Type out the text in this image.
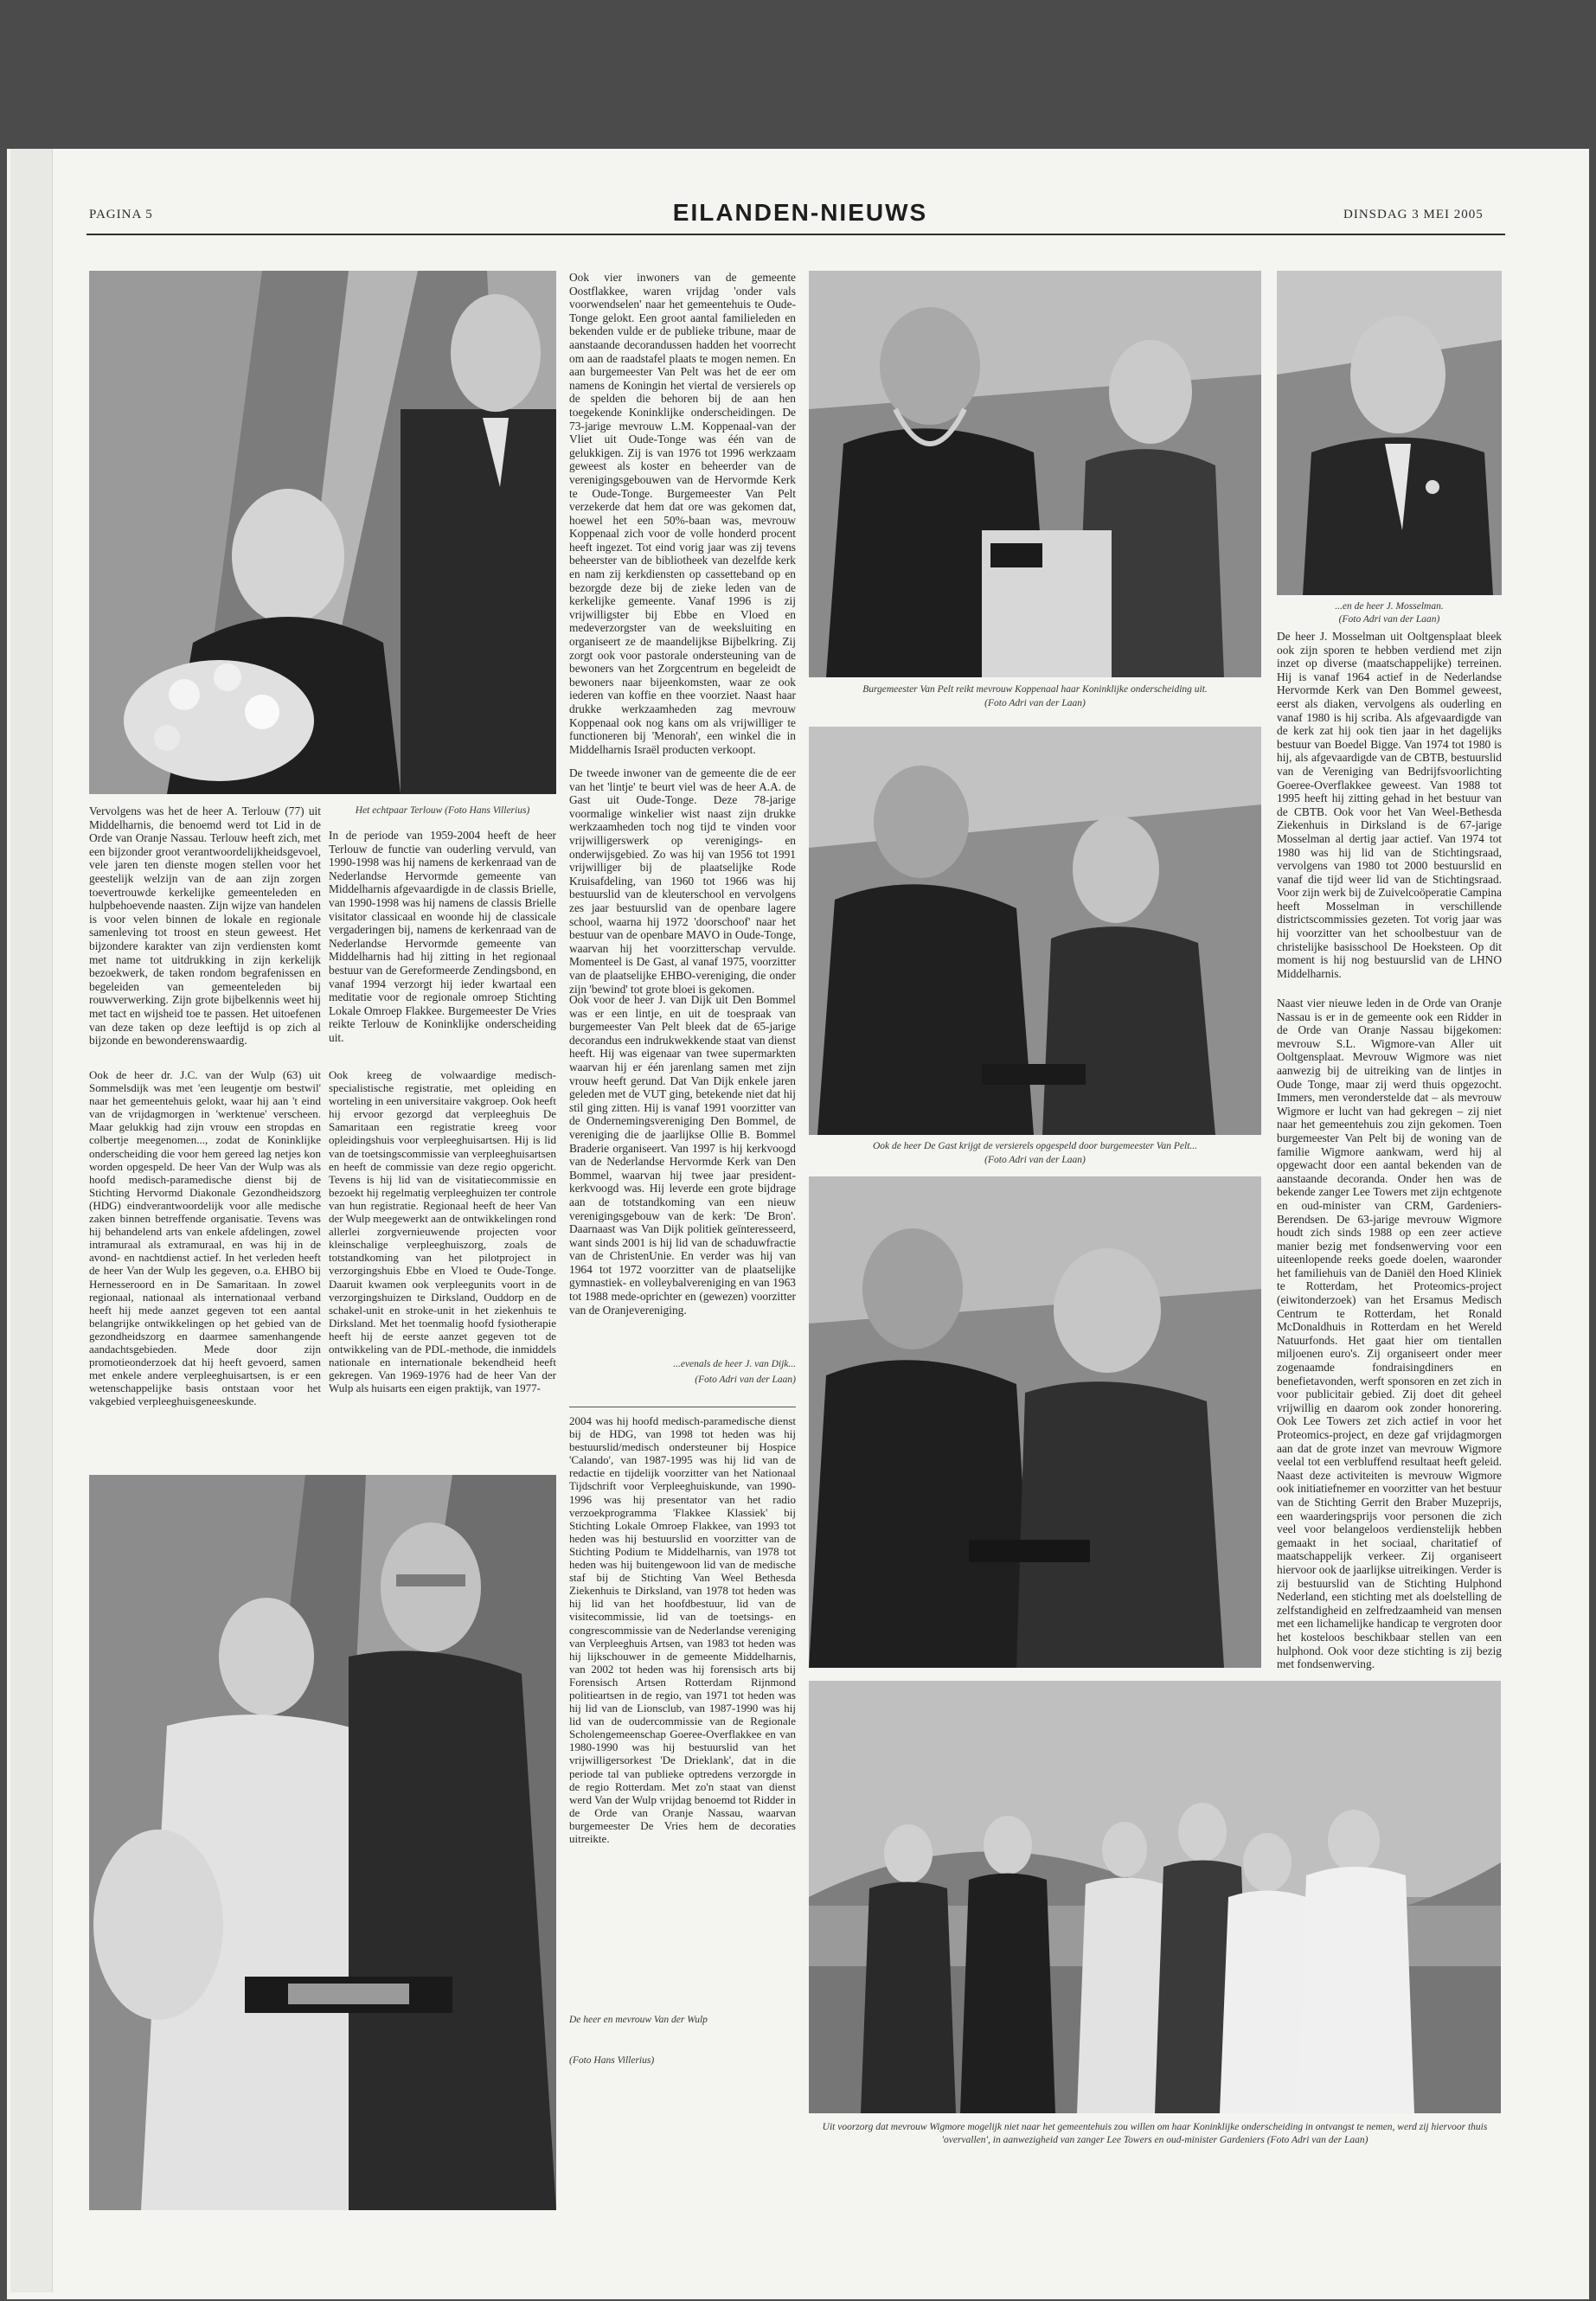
PAGINA 5	EILANDEN-NIEUWS	DINSDAG 3 MEI 2005
Vervolgens was het de heer A. Terlouw (77) uit Middelharnis, die benoemd werd tot Lid in de Orde van Oranje Nassau. Terlouw heeft zich, met een bijzonder groot verantwoordelijkheidsgevoel, vele jaren ten dienste mogen stellen voor het geestelijk welzijn van de aan zijn zorgen toevertrouwde kerkelijke gemeenteleden en hulpbehoevende naasten. Zijn wijze van handelen is voor velen binnen de lokale en regionale samenleving tot troost en steun geweest. Het bijzondere karakter van zijn verdiensten komt met name tot uitdrukking in zijn kerkelijk bezoekwerk, de taken rondom begrafenissen en begeleiden van gemeenteleden bij rouwverwerking. Zijn grote bijbelkennis weet hij met tact en wijsheid toe te passen. Het uitoefenen van deze taken op deze leeftijd is op zich al bijzonde en bewonderenswaardig.
Het echtpaar Terlouw (Foto Hans Villerius)
In de periode van 1959-2004 heeft de heer Terlouw de functie van ouderling vervuld, van 1990-1998 was hij namens de kerkenraad van de Nederlandse Hervormde gemeente van Middelharnis afgevaardigde in de classis Brielle, van 1990-1998 was hij namens de classis Brielle visitator classicaal en woonde hij de classicale vergaderingen bij, namens de kerkenraad van de Nederlandse Hervormde gemeente van Middelharnis had hij zitting in het regionaal bestuur van de Gereformeerde Zendingsbond, en vanaf 1994 verzorgt hij ieder kwartaal een meditatie voor de regionale omroep Stichting Lokale Omroep Flakkee. Burgemeester De Vries reikte Terlouw de Koninklijke onderscheiding uit.
Ook de heer dr. J.C. van der Wulp (63) uit Sommelsdijk was met 'een leugentje om bestwil' naar het gemeentehuis gelokt, waar hij aan 't eind van de vrijdagmorgen in 'werktenue' verscheen. Maar gelukkig had zijn vrouw een stropdas en colbertje meegenomen..., zodat de Koninklijke onderscheiding die voor hem gereed lag netjes kon worden opgespeld. De heer Van der Wulp was als hoofd medisch-paramedische dienst bij de Stichting Hervormd Diakonale Gezondheidszorg (HDG) eindverantwoordelijk voor alle medische zaken binnen betreffende organisatie. Tevens was hij behandelend arts van enkele afdelingen, zowel intramuraal als extramuraal, en was hij in de avond- en nachtdienst actief. In het verleden heeft de heer Van der Wulp les gegeven, o.a. EHBO bij Hernesseroord en in De Samaritaan. In zowel regionaal, nationaal als internationaal verband heeft hij mede aanzet gegeven tot een aantal belangrijke ontwikkelingen op het gebied van de gezondheidszorg en daarmee samenhangende aandachtsgebieden. Mede door zijn promotieonderzoek dat hij heeft gevoerd, samen met enkele andere verpleeghuisartsen, is er een wetenschappelijke basis ontstaan voor het vakgebied verpleeghuisgeneeskunde.
Ook kreeg de volwaardige medisch-specialistische registratie, met opleiding en worteling in een universitaire vakgroep. Ook heeft hij ervoor gezorgd dat verpleeghuis De Samaritaan een registratie kreeg voor opleidingshuis voor verpleeghuisartsen. Hij is lid van de toetsingscommissie van verpleeghuisartsen en heeft de commissie van deze regio opgericht. Tevens is hij lid van de visitatiecommissie en bezoekt hij regelmatig verpleeghuizen ter controle van hun registratie. Regionaal heeft de heer Van der Wulp meegewerkt aan de ontwikkelingen rond allerlei zorgvernieuwende projecten voor kleinschalige verpleeghuiszorg, zoals de totstandkoming van het pilotproject in verzorgingshuis Ebbe en Vloed te Oude-Tonge. Daaruit kwamen ook verpleegunits voort in de verzorgingshuizen te Dirksland, Ouddorp en de schakel-unit en stroke-unit in het ziekenhuis te Dirksland. Met het toenmalig hoofd fysiotherapie heeft hij de eerste aanzet gegeven tot de ontwikkeling van de PDL-methode, die inmiddels nationale en internationale bekendheid heeft gekregen. Van 1969-1976 had de heer Van der Wulp als huisarts een eigen praktijk, van 1977-
Ook vier inwoners van de gemeente Oostflakkee, waren vrijdag 'onder vals voorwendselen' naar het gemeentehuis te Oude-Tonge gelokt. Een groot aantal familieleden en bekenden vulde er de publieke tribune, maar de aanstaande decorandussen hadden het voorrecht om aan de raadstafel plaats te mogen nemen. En aan burgemeester Van Pelt was het de eer om namens de Koningin het viertal de versierels op de spelden die behoren bij de aan hen toegekende Koninklijke onderscheidingen. De 73-jarige mevrouw L.M. Koppenaal-van der Vliet uit Oude-Tonge was één van de gelukkigen. Zij is van 1976 tot 1996 werkzaam geweest als koster en beheerder van de verenigingsgebouwen van de Hervormde Kerk te Oude-Tonge. Burgemeester Van Pelt verzekerde dat hem dat ore was gekomen dat, hoewel het een 50%-baan was, mevrouw Koppenaal zich voor de volle honderd procent heeft ingezet. Tot eind vorig jaar was zij tevens beheerster van de bibliotheek van dezelfde kerk en nam zij kerkdiensten op cassetteband op en bezorgde deze bij de zieke leden van de kerkelijke gemeente. Vanaf 1996 is zij vrijwilligster bij Ebbe en Vloed en medeverzorgster van de weeksluiting en organiseert ze de maandelijkse Bijbelkring. Zij zorgt ook voor pastorale ondersteuning van de bewoners van het Zorgcentrum en begeleidt de bewoners naar bijeenkomsten, waar ze ook iederen van koffie en thee voorziet. Naast haar drukke werkzaamheden zag mevrouw Koppenaal ook nog kans om als vrijwilliger te functioneren bij 'Menorah', een winkel die in Middelharnis Israël producten verkoopt.
De tweede inwoner van de gemeente die de eer van het 'lintje' te beurt viel was de heer A.A. de Gast uit Oude-Tonge. Deze 78-jarige voormalige winkelier wist naast zijn drukke werkzaamheden toch nog tijd te vinden voor vrijwilligerswerk op verenigings- en onderwijsgebied. Zo was hij van 1956 tot 1991 vrijwilliger bij de plaatselijke Rode Kruisafdeling, van 1960 tot 1966 was hij bestuurslid van de kleuterschool en vervolgens zes jaar bestuurslid van de openbare lagere school, waarna hij 1972 'doorschoof' naar het bestuur van de openbare MAVO in Oude-Tonge, waarvan hij het voorzitterschap vervulde. Momenteel is De Gast, al vanaf 1975, voorzitter van de plaatselijke EHBO-vereniging, die onder zijn 'bewind' tot grote bloei is gekomen.
Ook voor de heer J. van Dijk uit Den Bommel was er een lintje, en uit de toespraak van burgemeester Van Pelt bleek dat de 65-jarige decorandus een indrukwekkende staat van dienst heeft. Hij was eigenaar van twee supermarkten waarvan hij er één jarenlang samen met zijn vrouw heeft gerund. Dat Van Dijk enkele jaren geleden met de VUT ging, betekende niet dat hij stil ging zitten. Hij is vanaf 1991 voorzitter van de Ondernemingsvereniging Den Bommel, de vereniging die de jaarlijkse Ollie B. Bommel Braderie organiseert. Van 1997 is hij kerkvoogd van de Nederlandse Hervormde Kerk van Den Bommel, waarvan hij twee jaar president-kerkvoogd was. Hij leverde een grote bijdrage aan de totstandkoming van een nieuw verenigingsgebouw van de kerk: 'De Bron'. Daarnaast was Van Dijk politiek geïnteresseerd, want sinds 2001 is hij lid van de schaduwfractie van de ChristenUnie. En verder was hij van 1964 tot 1972 voorzitter van de plaatselijke gymnastiek- en volleybalvereniging en van 1963 tot 1988 mede-oprichter en (gewezen) voorzitter van de Oranjevereniging.
...evenals de heer J. van Dijk...
(Foto Adri van der Laan)
2004 was hij hoofd medisch-paramedische dienst bij de HDG, van 1998 tot heden was hij bestuurslid/medisch ondersteuner bij Hospice 'Calando', van 1987-1995 was hij lid van de redactie en tijdelijk voorzitter van het Nationaal Tijdschrift voor Verpleeghuiskunde, van 1990-1996 was hij presentator van het radio verzoekprogramma 'Flakkee Klassiek' bij Stichting Lokale Omroep Flakkee, van 1993 tot heden was hij bestuurslid en voorzitter van de Stichting Podium te Middelharnis, van 1978 tot heden was hij buitengewoon lid van de medische staf bij de Stichting Van Weel Bethesda Ziekenhuis te Dirksland, van 1978 tot heden was hij lid van het hoofdbestuur, lid van de visitecommissie, lid van de toetsings- en congrescommissie van de Nederlandse vereniging van Verpleeghuis Artsen, van 1983 tot heden was hij lijkschouwer in de gemeente Middelharnis, van 2002 tot heden was hij forensisch arts bij Forensisch Artsen Rotterdam Rijnmond politieartsen in de regio, van 1971 tot heden was hij lid van de Lionsclub, van 1987-1990 was hij lid van de oudercommissie van de Regionale Scholengemeenschap Goeree-Overflakkee en van 1980-1990 was hij bestuurslid van het vrijwilligersorkest 'De Drieklank', dat in die periode tal van publieke optredens verzorgde in de regio Rotterdam. Met zo'n staat van dienst werd Van der Wulp vrijdag benoemd tot Ridder in de Orde van Oranje Nassau, waarvan burgemeester De Vries hem de decoraties uitreikte.
De heer en mevrouw Van der Wulp
(Foto Hans Villerius)
Burgemeester Van Pelt reikt mevrouw Koppenaal haar Koninklijke onderscheiding uit.
(Foto Adri van der Laan)
Ook de heer De Gast krijgt de versierels opgespeld door burgemeester Van Pelt...
(Foto Adri van der Laan)
Uit voorzorg dat mevrouw Wigmore mogelijk niet naar het gemeentehuis zou willen om haar Koninklijke onderscheiding in ontvangst te nemen, werd zij hiervoor thuis 'overvallen', in aanwezigheid van zanger Lee Towers en oud-minister Gardeniers (Foto Adri van der Laan)
...en de heer J. Mosselman.
(Foto Adri van der Laan)
De heer J. Mosselman uit Ooltgensplaat bleek ook zijn sporen te hebben verdiend met zijn inzet op diverse (maatschappelijke) terreinen. Hij is vanaf 1964 actief in de Nederlandse Hervormde Kerk van Den Bommel geweest, eerst als diaken, vervolgens als ouderling en vanaf 1980 is hij scriba. Als afgevaardigde van de kerk zat hij ook tien jaar in het dagelijks bestuur van Boedel Bigge. Van 1974 tot 1980 is hij, als afgevaardigde van de CBTB, bestuurslid van de Vereniging van Bedrijfsvoorlichting Goeree-Overflakkee geweest. Van 1988 tot 1995 heeft hij zitting gehad in het bestuur van de CBTB. Ook voor het Van Weel-Bethesda Ziekenhuis in Dirksland is de 67-jarige Mosselman al dertig jaar actief. Van 1974 tot 1980 was hij lid van de Stichtingsraad, vervolgens van 1980 tot 2000 bestuurslid en vanaf die tijd weer lid van de Stichtingsraad. Voor zijn werk bij de Zuivelcoöperatie Campina heeft Mosselman in verschillende districtscommissies gezeten. Tot vorig jaar was hij voorzitter van het schoolbestuur van de christelijke basisschool De Hoeksteen. Op dit moment is hij nog bestuurslid van de LHNO Middelharnis.
Naast vier nieuwe leden in de Orde van Oranje Nassau is er in de gemeente ook een Ridder in de Orde van Oranje Nassau bijgekomen: mevrouw S.L. Wigmore-van Aller uit Ooltgensplaat. Mevrouw Wigmore was niet aanwezig bij de uitreiking van de lintjes in Oude Tonge, maar zij werd thuis opgezocht. Immers, men veronderstelde dat – als mevrouw Wigmore er lucht van had gekregen – zij niet naar het gemeentehuis zou zijn gekomen. Toen burgemeester Van Pelt bij de woning van de familie Wigmore aankwam, werd hij al opgewacht door een aantal bekenden van de aanstaande decoranda. Onder hen was de bekende zanger Lee Towers met zijn echtgenote en oud-minister van CRM, Gardeniers-Berendsen. De 63-jarige mevrouw Wigmore houdt zich sinds 1988 op een zeer actieve manier bezig met fondsenwerving voor een uiteenlopende reeks goede doelen, waaronder het familiehuis van de Daniël den Hoed Kliniek te Rotterdam, het Proteomics-project (eiwitonderzoek) van het Ersamus Medisch Centrum te Rotterdam, het Ronald McDonaldhuis in Rotterdam en het Wereld Natuurfonds. Het gaat hier om tientallen miljoenen euro's. Zij organiseert onder meer zogenaamde fondraisingdiners en benefietavonden, werft sponsoren en zet zich in voor publicitair gebied. Zij doet dit geheel vrijwillig en daarom ook zonder honorering. Ook Lee Towers zet zich actief in voor het Proteomics-project, en deze gaf vrijdagmorgen aan dat de grote inzet van mevrouw Wigmore veelal tot een verbluffend resultaat heeft geleid. Naast deze activiteiten is mevrouw Wigmore ook initiatiefnemer en voorzitter van het bestuur van de Stichting Gerrit den Braber Muzeprijs, een waarderingsprijs voor personen die zich veel voor belangeloos verdienstelijk hebben gemaakt in het sociaal, charitatief of maatschappelijk verkeer. Zij organiseert hiervoor ook de jaarlijkse uitreikingen. Verder is zij bestuurslid van de Stichting Hulphond Nederland, een stichting met als doelstelling de zelfstandigheid en zelfredzaamheid van mensen met een lichamelijke handicap te vergroten door het kosteloos beschikbaar stellen van een hulphond. Ook voor deze stichting is zij bezig met fondsenwerving.
